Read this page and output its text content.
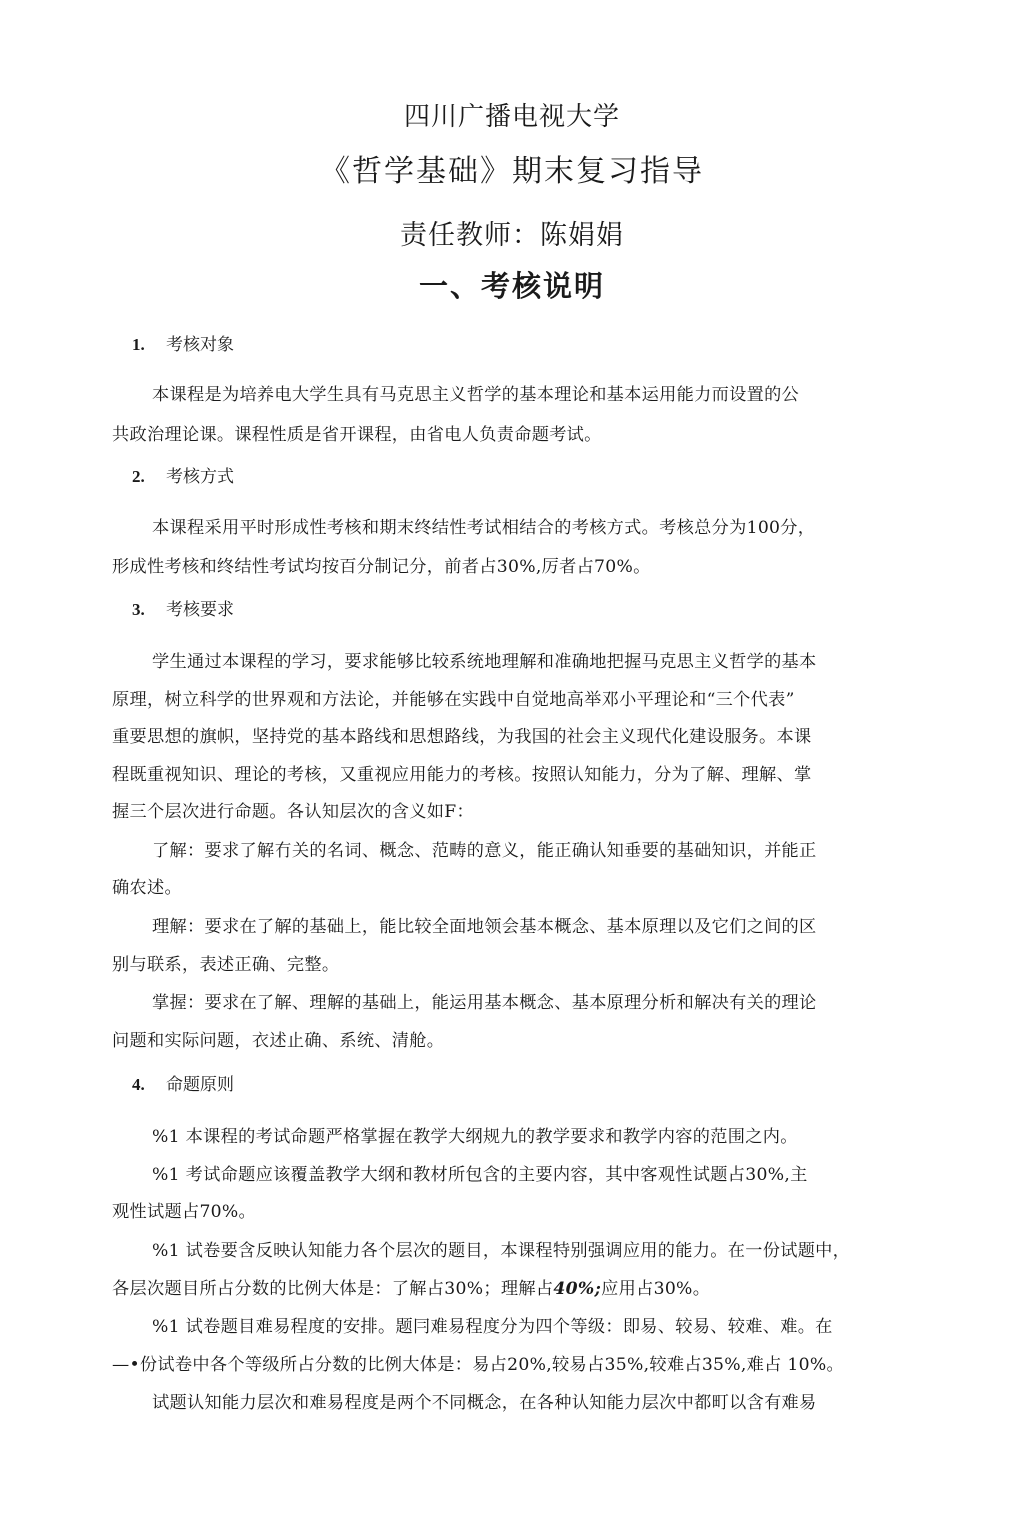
四川广播电视大学
《哲学基础》期末复习指导
责任教师：陈娟娟
一、考核说明
1. 考核对象
本课程是为培养电大学生具有马克思主义哲学的基本理论和基本运用能力而设置的公
共政治理论课。课程性质是省开课程，由省电人负责命题考试。
2. 考核方式
本课程采用平时形成性考核和期末终结性考试相结合的考核方式。考核总分为100分，
形成性考核和终结性考试均按百分制记分，前者占30%,厉者占70%。
3. 考核要求
学生通过本课程的学习，要求能够比较系统地理解和准确地把握马克思主义哲学的基本
原理，树立科学的世界观和方法论，并能够在实践中自觉地高举邓小平理论和“三个代表”
重要思想的旗帜，坚持党的基本路线和思想路线，为我国的社会主义现代化建设服务。本课
程既重视知识、理论的考核，又重视应用能力的考核。按照认知能力，分为了解、理解、掌
握三个层次进行命题。各认知层次的含义如F：
了解：要求了解冇关的名词、概念、范畴的意义，能正确认知垂要的基础知识，并能正
确农述。
理解：要求在了解的基础上，能比较全面地领会基本概念、基本原理以及它们之间的区
别与联系，表述正确、完整。
掌握：要求在了解、理解的基础上，能运用基本概念、基本原理分析和解决有关的理论
问题和实际问题，衣述止确、系统、清舱。
4. 命题原则
%1 本课程的考试命题严格掌握在教学大纲规九的教学要求和教学内容的范围之内。
%1 考试命题应该覆盖教学大纲和教材所包含的主要内容，其中客观性试题占30%,主
观性试题占70%。
%1 试卷要含反映认知能力各个层次的题目，本课程特别强调应用的能力。在一份试题中，
各层次题目所占分数的比例大体是：了解占30%；理解占40%;应用占30%。
%1 试卷题目难易程度的安排。题冃难易程度分为四个等级：即易、较易、较难、难。在
—•份试卷中各个等级所占分数的比例大体是：易占20%,较易占35%,较难占35%,难占 10%。
试题认知能力层次和难易程度是两个不同概念，在各种认知能力层次中都町以含有难易
